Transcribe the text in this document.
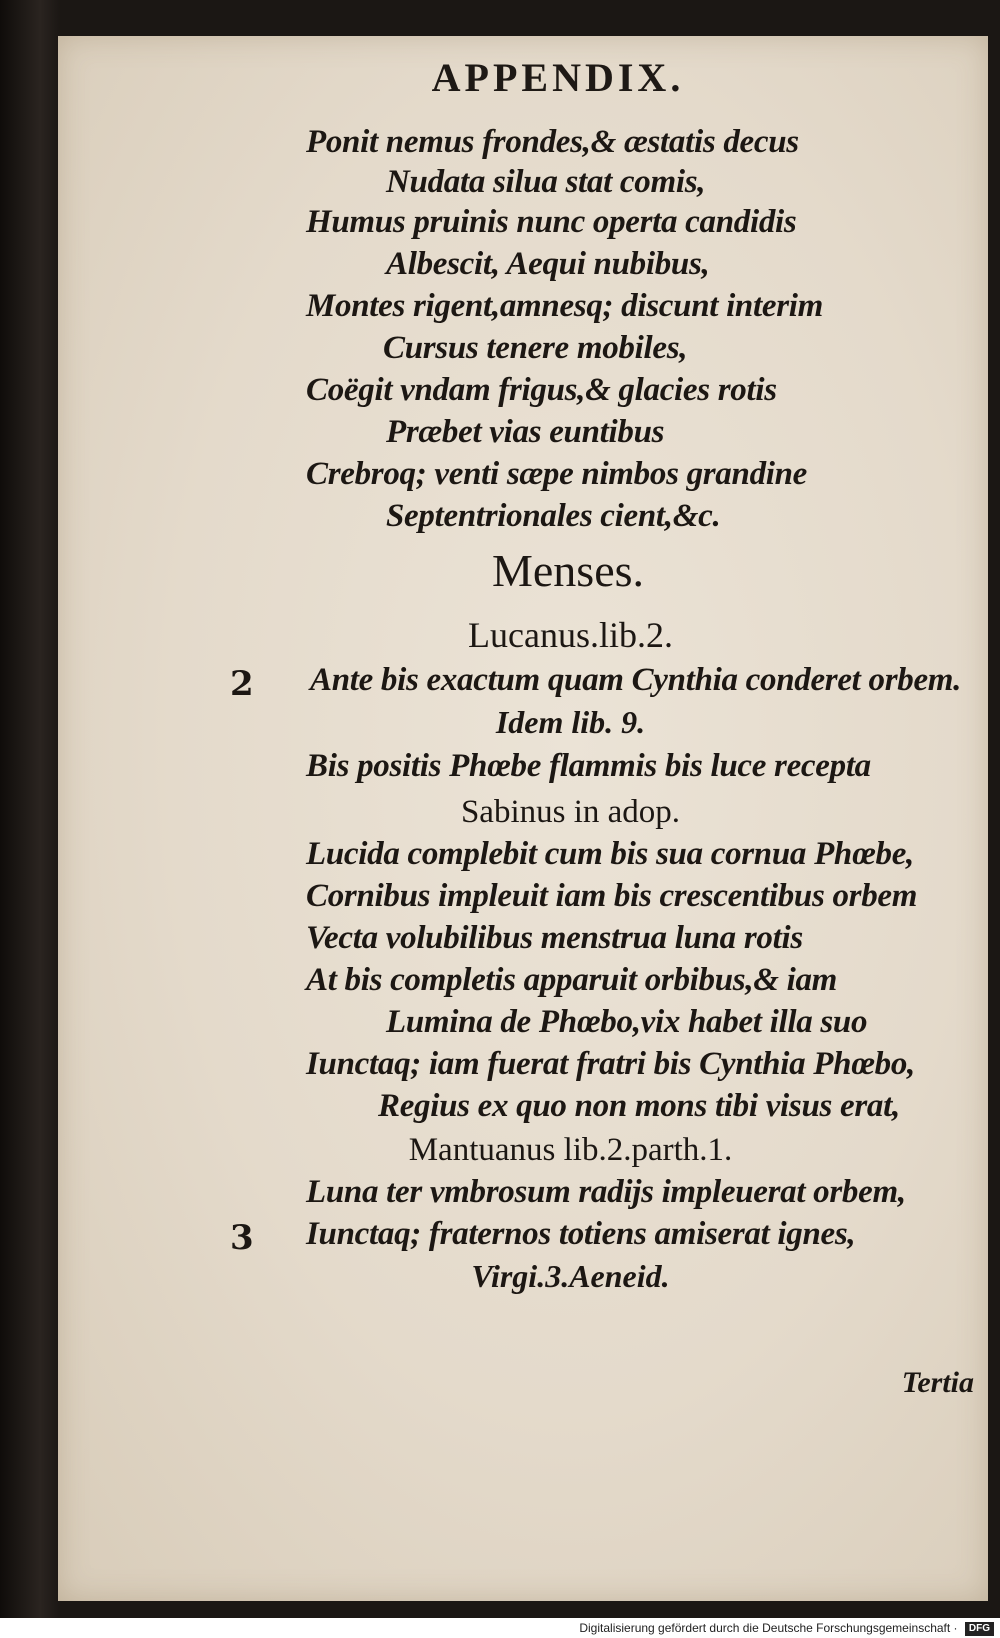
APPENDIX.
Ponit nemus frondes,& æstatis decus
Nudata silua stat comis,
Humus pruinis nunc operta candidis
Albescit, Aequi nubibus,
Montes rigent,amnesq; discunt interim
Cursus tenere mobiles,
Coëgit vndam frigus,& glacies rotis
Præbet vias euntibus
Crebroq; venti sæpe nimbos grandine
Septentrionales cient,&c.
Menses.
Lucanus.lib.2.
2 Ante bis exactum quam Cynthia conderet orbem.
Idem lib. 9.
Bis positis Phœbe flammis bis luce recepta
Sabinus in adop.
Lucida complebit cum bis sua cornua Phœbe,
Cornibus impleuit iam bis crescentibus orbem
Vecta volubilibus menstrua luna rotis
At bis completis apparuit orbibus,& iam
Lumina de Phœbo,vix habet illa suo
Iunctaq; iam fuerat fratri bis Cynthia Phœbo,
Regius ex quo non mons tibi visus erat,
Mantuanus lib.2.parth.1.
Luna ter vmbrosum radijs impleuerat orbem,
3 Iunctaq; fraternos totiens amiserat ignes,
Virgi.3.Aeneid.
Tertia
Digitalisierung gefördert durch die Deutsche Forschungsgemeinschaft · DFG
